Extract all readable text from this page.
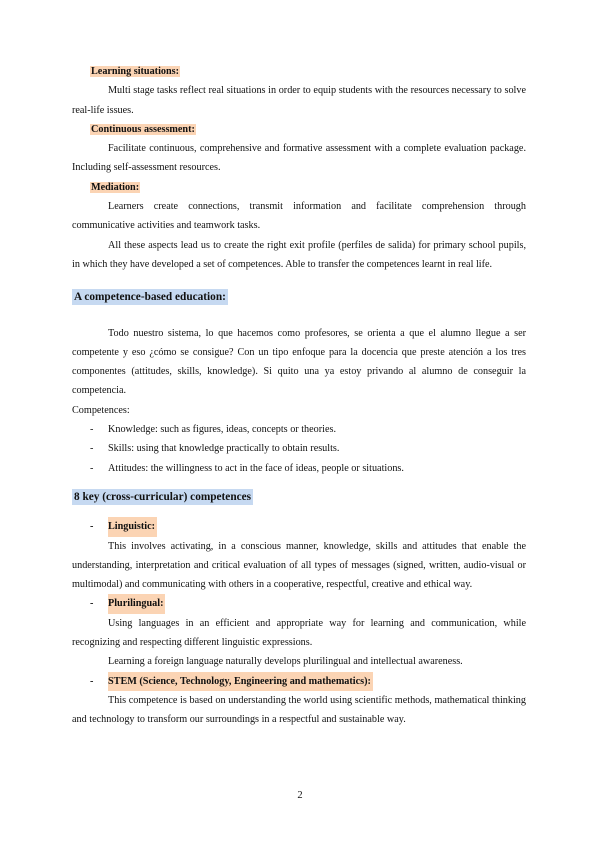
Learning situations:

Multi stage tasks reflect real situations in order to equip students with the resources necessary to solve real-life issues.

Continuous assessment:

Facilitate continuous, comprehensive and formative assessment with a complete evaluation package. Including self-assessment resources.

Mediation:

Learners create connections, transmit information and facilitate comprehension through communicative activities and teamwork tasks.

All these aspects lead us to create the right exit profile (perfiles de salida) for primary school pupils, in which they have developed a set of competences. Able to transfer the competences learnt in real life.

A competence-based education:

Todo nuestro sistema, lo que hacemos como profesores, se orienta a que el alumno llegue a ser competente y eso ¿cómo se consigue? Con un tipo enfoque para la docencia que preste atención a los tres componentes (attitudes, skills, knowledge). Si quito una ya estoy privando al alumno de conseguir la competencia.

Competences:

- Knowledge: such as figures, ideas, concepts or theories.

- Skills: using that knowledge practically to obtain results.

- Attitudes: the willingness to act in the face of ideas, people or situations.

8 key (cross-curricular) competences

- Linguistic:

This involves activating, in a conscious manner, knowledge, skills and attitudes that enable the understanding, interpretation and critical evaluation of all types of messages (signed, written, audio-visual or multimodal) and communicating with others in a cooperative, respectful, creative and ethical way.

- Plurilingual:

Using languages in an efficient and appropriate way for learning and communication, while recognizing and respecting different linguistic expressions.

Learning a foreign language naturally develops plurilingual and intellectual awareness.

- STEM (Science, Technology, Engineering and mathematics):

This competence is based on understanding the world using scientific methods, mathematical thinking and technology to transform our surroundings in a respectful and sustainable way.

2
